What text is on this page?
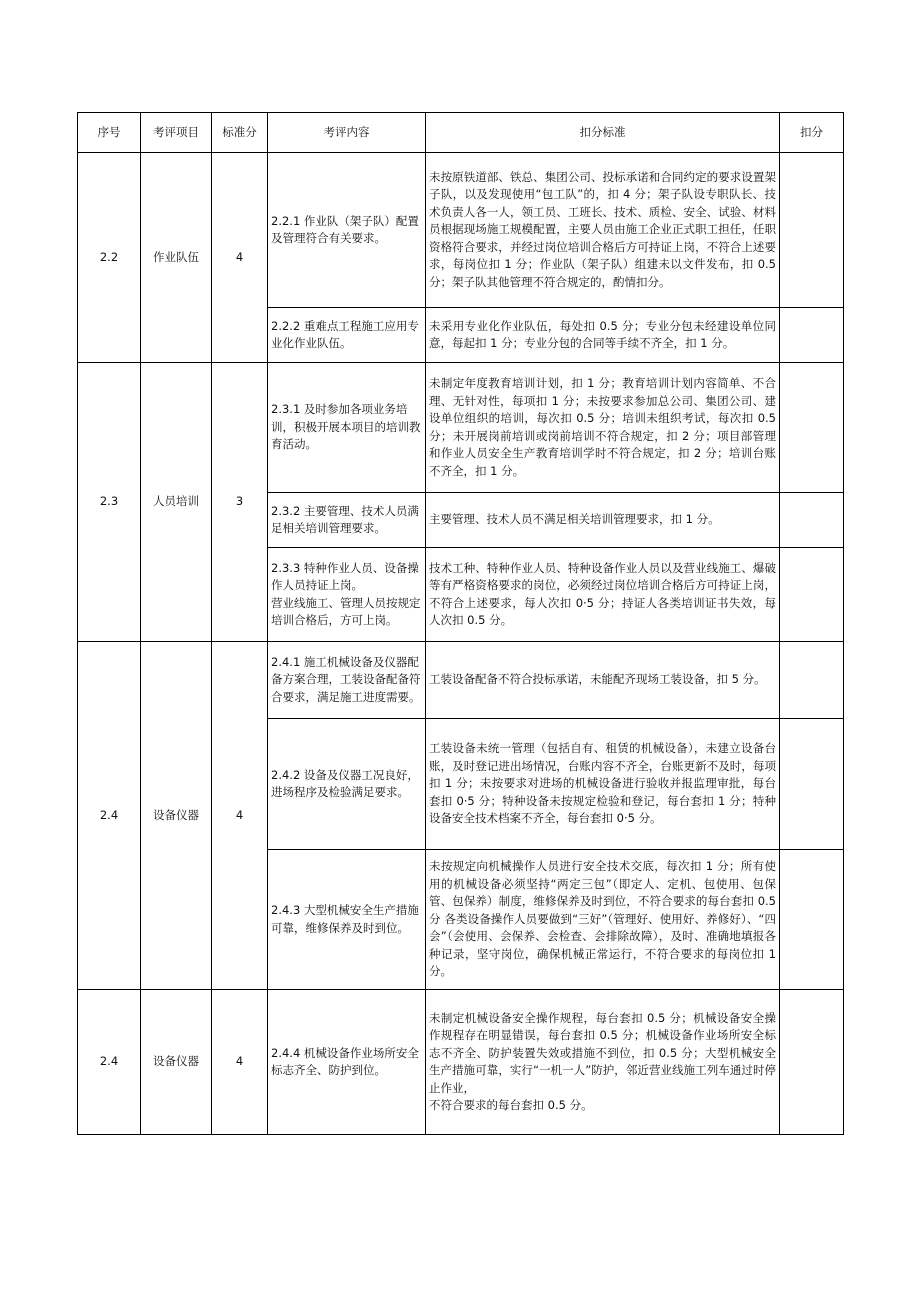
序号	考评项目	标准分	考评内容	扣分标准	扣分
2.2	作业队伍	4	2.2.1 作业队（架子队）配置及管理符合有关要求。	未按原铁道部、铁总、集团公司、投标承诺和合同约定的要求设置架子队，以及发现使用“包工队”的，扣 4 分；架子队设专职队长、技术负责人各一人，领工员、工班长、技术、质检、安全、试验、材料员根据现场施工规模配置，主要人员由施工企业正式职工担任，任职资格符合要求，并经过岗位培训合格后方可持证上岗，不符合上述要求，每岗位扣 1 分；作业队（架子队）组建未以文件发布，扣 0.5 分；架子队其他管理不符合规定的，酌情扣分。	
			2.2.2 重难点工程施工应用专业化作业队伍。	未采用专业化作业队伍，每处扣 0.5 分；专业分包未经建设单位同意，每起扣 1 分；专业分包的合同等手续不齐全，扣 1 分。	
2.3	人员培训	3	2.3.1 及时参加各项业务培训，积极开展本项目的培训教育活动。	未制定年度教育培训计划，扣 1 分；教育培训计划内容简单、不合理、无针对性，每项扣 1 分；未按要求参加总公司、集团公司、建设单位组织的培训，每次扣 0.5 分；培训未组织考试，每次扣 0.5 分；未开展岗前培训或岗前培训不符合规定，扣 2 分；项目部管理和作业人员安全生产教育培训学时不符合规定，扣 2 分；培训台账不齐全，扣 1 分。	
			2.3.2 主要管理、技术人员满足相关培训管理要求。	主要管理、技术人员不满足相关培训管理要求，扣 1 分。	
			2.3.3 特种作业人员、设备操作人员持证上岗。
营业线施工、管理人员按规定培训合格后，方可上岗。	技术工种、特种作业人员、特种设备作业人员以及营业线施工、爆破等有严格资格要求的岗位，必须经过岗位培训合格后方可持证上岗，不符合上述要求，每人次扣 0·5 分；持证人各类培训证书失效，每人次扣 0.5 分。	
2.4	设备仪器	4	2.4.1 施工机械设备及仪器配备方案合理，工装设备配备符合要求，满足施工进度需要。	工装设备配备不符合投标承诺，未能配齐现场工装设备，扣 5 分。	
			2.4.2 设备及仪器工况良好，进场程序及检验满足要求。	工装设备未统一管理（包括自有、租赁的机械设备），未建立设备台账，及时登记进出场情况，台账内容不齐全，台账更新不及时，每项扣 1 分；未按要求对进场的机械设备进行验收并报监理审批，每台套扣 0·5 分；特种设备未按规定检验和登记，每台套扣 1 分；特种设备安全技术档案不齐全，每台套扣 0·5 分。	
			2.4.3 大型机械安全生产措施可靠，维修保养及时到位。	未按规定向机械操作人员进行安全技术交底，每次扣 1 分；所有使用的机械设备必须坚持“两定三包”（即定人、定机、包使用、包保管、包保养）制度，维修保养及时到位，不符合要求的每台套扣 0.5 分 各类设备操作人员要做到“三好”（管理好、使用好、养修好）、“四会”（会使用、会保养、会检查、会排除故障），及时、准确地填报各种记录，坚守岗位，确保机械正常运行，不符合要求的每岗位扣 1 分。	
2.4	设备仪器	4	2.4.4 机械设备作业场所安全标志齐全、防护到位。	未制定机械设备安全操作规程，每台套扣 0.5 分；机械设备安全操作规程存在明显错误，每台套扣 0.5 分；机械设备作业场所安全标志不齐全、防护装置失效或措施不到位，扣 0.5 分；大型机械安全生产措施可靠，实行“一机一人”防护，邻近营业线施工列车通过时停止作业，
不符合要求的每台套扣 0.5 分。	
